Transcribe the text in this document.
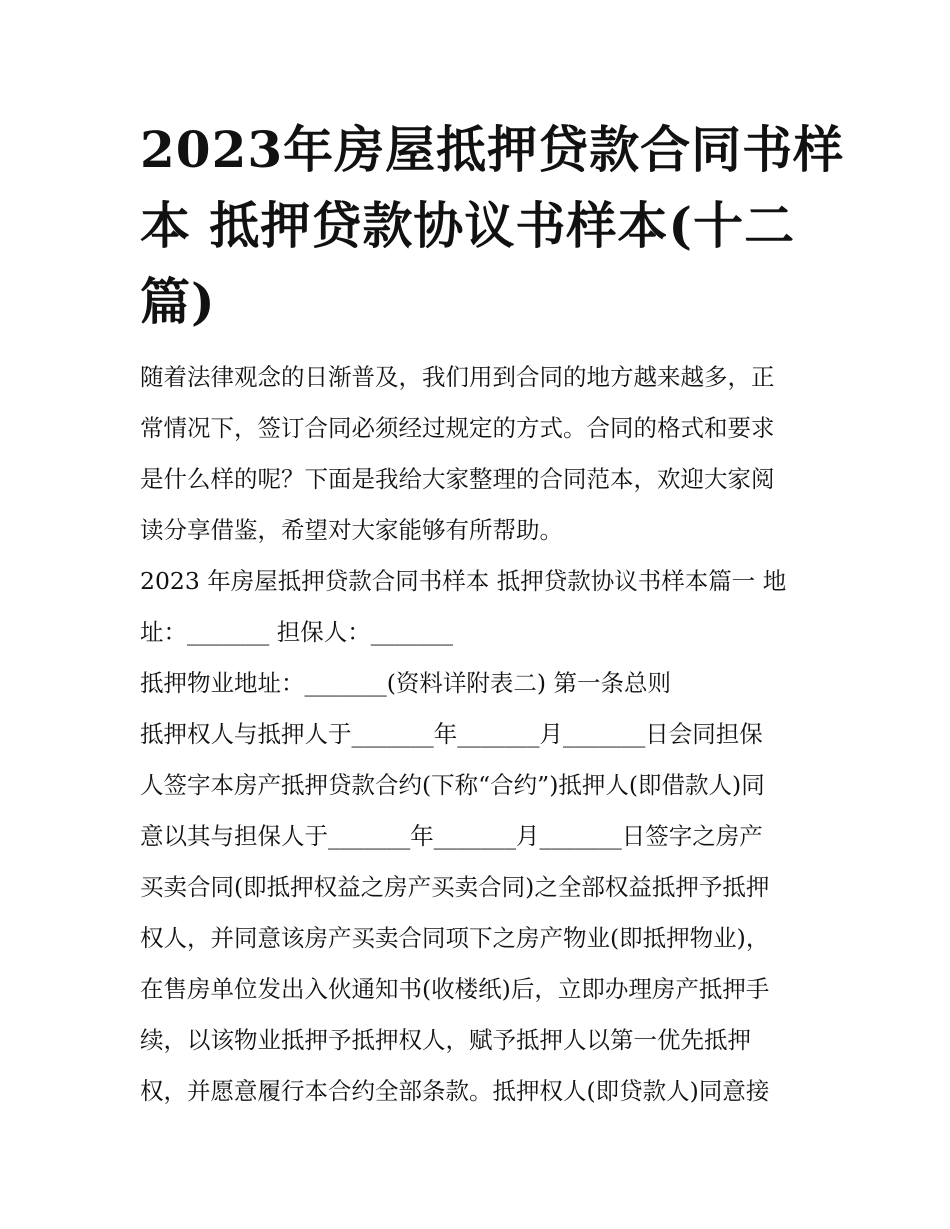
2023年房屋抵押贷款合同书样
本 抵押贷款协议书样本(十二
篇)
随着法律观念的日渐普及，我们用到合同的地方越来越多，正
常情况下，签订合同必须经过规定的方式。合同的格式和要求
是什么样的呢？下面是我给大家整理的合同范本，欢迎大家阅
读分享借鉴，希望对大家能够有所帮助。
2023 年房屋抵押贷款合同书样本 抵押贷款协议书样本篇一 地
址：_______ 担保人：_______
抵押物业地址：_______(资料详附表二) 第一条总则
抵押权人与抵押人于_______年_______月_______日会同担保
人签字本房产抵押贷款合约(下称“合约”)抵押人(即借款人)同
意以其与担保人于_______年_______月_______日签字之房产
买卖合同(即抵押权益之房产买卖合同)之全部权益抵押予抵押
权人，并同意该房产买卖合同项下之房产物业(即抵押物业)，
在售房单位发出入伙通知书(收楼纸)后，立即办理房产抵押手
续，以该物业抵押予抵押权人，赋予抵押人以第一优先抵押
权，并愿意履行本合约全部条款。抵押权人(即贷款人)同意接
